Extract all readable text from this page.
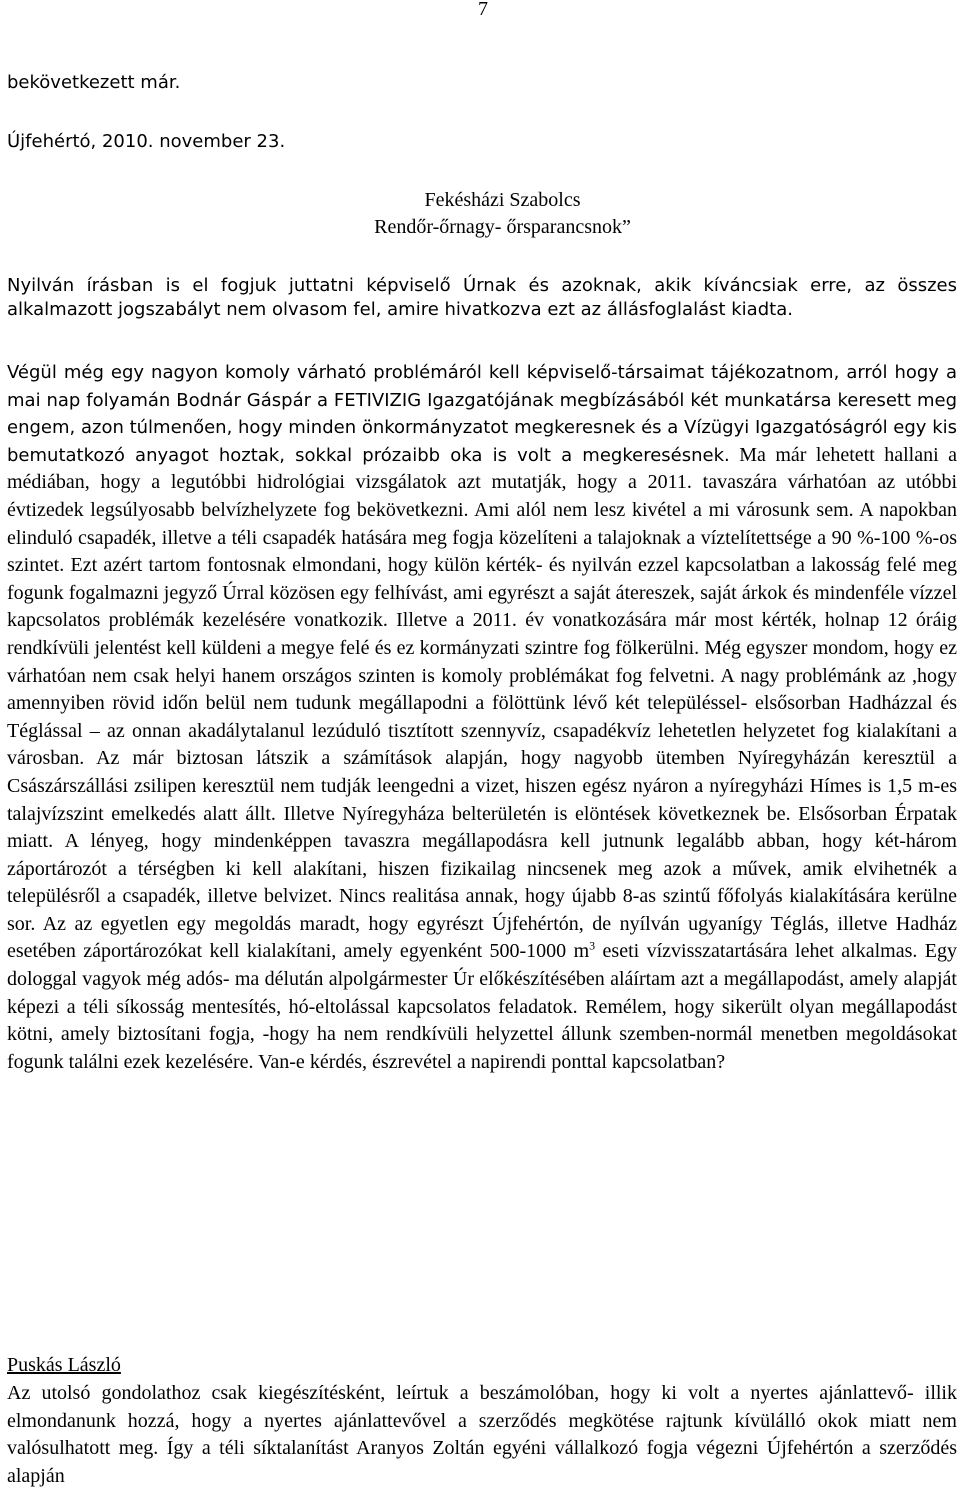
7

bekövetkezett már.

Újfehértó, 2010. november 23.

Fekésházi Szabolcs
Rendőr-őrnagy- őrsparancsnok”

Nyilván írásban is el fogjuk juttatni képviselő Úrnak és azoknak, akik kíváncsiak erre, az összes alkalmazott jogszabályt nem olvasom fel, amire hivatkozva ezt az állásfoglalást kiadta.

Végül még egy nagyon komoly várható problémáról kell képviselő-társaimat tájékozatnom, arról hogy a mai nap folyamán Bodnár Gáspár a FETIVIZIG Igazgatójának megbízásából két munkatársa keresett meg engem, azon túlmenően, hogy minden önkormányzatot megkeresnek és a Vízügyi Igazgatóságról egy kis bemutatkozó anyagot hoztak, sokkal prózaibb oka is volt a megkeresésnek. Ma már lehetett hallani a médiában, hogy a legutóbbi hidrológiai vizsgálatok azt mutatják, hogy a 2011. tavaszára várhatóan az utóbbi évtizedek legsúlyosabb belvízhelyzete fog bekövetkezni. Ami alól nem lesz kivétel a mi városunk sem. A napokban elinduló csapadék, illetve a téli csapadék hatására meg fogja közelíteni a talajoknak a víztelítettsége a 90 %-100 %-os szintet. Ezt azért tartom fontosnak elmondani, hogy külön kérték- és nyilván ezzel kapcsolatban a lakosság felé meg fogunk fogalmazni jegyző Úrral közösen egy felhívást, ami egyrészt a saját átereszek, saját árkok és mindenféle vízzel kapcsolatos problémák kezelésére vonatkozik. Illetve a 2011. év vonatkozására már most kérték, holnap 12 óráig rendkívüli jelentést kell küldeni a megye felé és ez kormányzati szintre fog fölkerülni. Még egyszer mondom, hogy ez várhatóan nem csak helyi hanem országos szinten is komoly problémákat fog felvetni. A nagy problémánk az ,hogy amennyiben rövid időn belül nem tudunk megállapodni a fölöttünk lévő két településsel- elsősorban Hadházzal és Téglással – az onnan akadálytalanul lezúduló tisztított szennyvíz, csapadékvíz lehetetlen helyzetet fog kialakítani a városban. Az már biztosan látszik a számítások alapján, hogy nagyobb ütemben Nyíregyházán keresztül a Császárszállási zsilipen keresztül nem tudják leengedni a vizet, hiszen egész nyáron a nyíregyházi Hímes is 1,5 m-es talajvízszint emelkedés alatt állt. Illetve Nyíregyháza belterületén is elöntések következnek be. Elsősorban Érpatak miatt. A lényeg, hogy mindenképpen tavaszra megállapodásra kell jutnunk legalább abban, hogy két-három záportározót a térségben ki kell alakítani, hiszen fizikailag nincsenek meg azok a művek, amik elvihetnék a településről a csapadék, illetve belvizet. Nincs realitása annak, hogy újabb 8-as szintű főfolyás kialakítására kerülne sor. Az az egyetlen egy megoldás maradt, hogy egyrészt Újfehértón, de nyílván ugyanígy Téglás, illetve Hadház esetében záportározókat kell kialakítani, amely egyenként 500-1000 $m^3$ eseti vízvisszatartására lehet alkalmas. Egy dologgal vagyok még adós- ma délután alpolgármester Úr előkészítésében aláírtam azt a megállapodást, amely alapját képezi a téli síkosság mentesítés, hó-eltolással kapcsolatos feladatok. Remélem, hogy sikerült olyan megállapodást kötni, amely biztosítani fogja, -hogy ha nem rendkívüli helyzettel állunk szemben-normál menetben megoldásokat fogunk találni ezek kezelésére. Van-e kérdés, észrevétel a napirendi ponttal kapcsolatban?
Puskás László

Az utolsó gondolathoz csak kiegészítésként, leírtuk a beszámolóban, hogy ki volt a nyertes ajánlattevő- illik elmondanunk hozzá, hogy a nyertes ajánlattevővel a szerződés megkötése rajtunk kívülálló okok miatt nem valósulhatott meg. Így a téli síktalanítást Aranyos Zoltán egyéni vállalkozó fogja végezni Újfehértón a szerződés alapján
